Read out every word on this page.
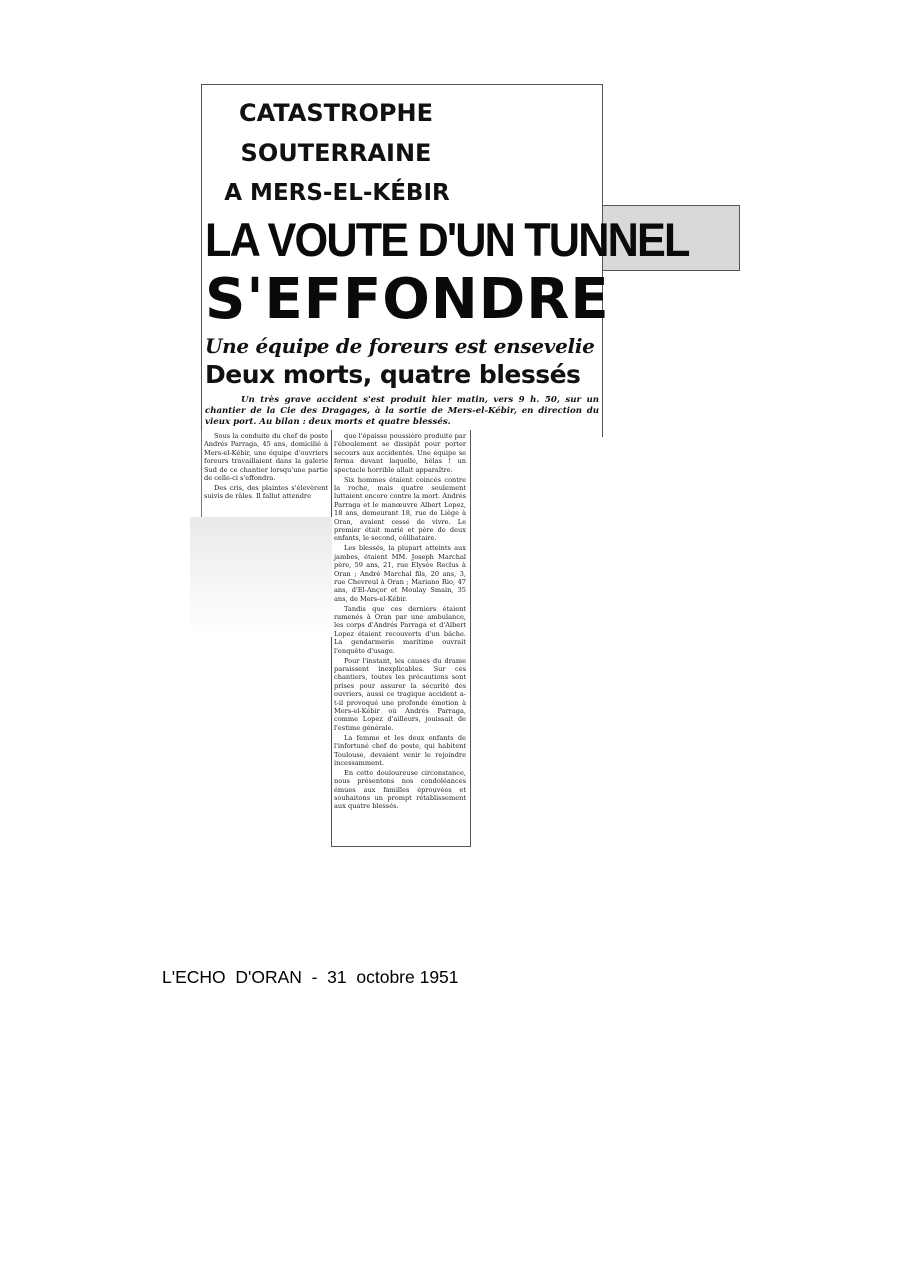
CATASTROPHE
SOUTERRAINE
A MERS-EL-KÉBIR
LA VOUTE D'UN TUNNEL
S'EFFONDRE
Une équipe de foreurs est ensevelie
Deux morts, quatre blessés

Un très grave accident s'est produit hier matin, vers 9 h. 50, sur un chantier de la Cie des Dragages, à la sortie de Mers-el-Kébir, en direction du vieux port. Au bilan : deux morts et quatre blessés.

Sous la conduite du chef de poste Andrés Parraga, 45 ans, domicilié à Mers-el-Kébir, une équipe d'ouvriers foreurs travaillaient dans la galerie Sud de ce chantier lorsqu'une partie de celle-ci s'effondra.

Des cris, des plaintes s'élevèrent suivis de râles. Il fallut attendre

que l'épaisse poussière produite par l'éboulement se dissipât pour porter secours aux accidentés. Une équipe se forma devant laquelle, hélas ! un spectacle horrible allait apparaître.

Six hommes étaient coincés contre la roche, mais quatre seulement luttaient encore contre la mort. Andrés Parraga et le manœuvre Albert Lopez, 18 ans, demeurant 18, rue de Liège à Oran, avaient cessé de vivre. Le premier était marié et père de deux enfants, le second, célibataire.

Les blessés, la plupart atteints aux jambes, étaient MM. Joseph Marchal père, 59 ans, 21, rue Elysée Reclus à Oran ; André Marchal fils, 20 ans, 3, rue Chevreul à Oran ; Mariano Rio, 47 ans, d'El-Ançor et Moulay Smain, 35 ans, de Mers-el-Kébir.

Tandis que ces derniers étaient ramenés à Oran par une ambulance, les corps d'Andrés Parraga et d'Albert Lopez étaient recouverts d'un bâche. La gendarmerie maritime ouvrait l'enquête d'usage.

Pour l'instant, les causes du drame paraissent inexplicables. Sur ces chantiers, toutes les précautions sont prises pour assurer la sécurité des ouvriers, aussi ce tragique accident a-t-il provoqué une profonde émotion à Mers-el-Kébir où Andrés Parraga, comme Lopez d'ailleurs, jouissait de l'estime générale.

La femme et les deux enfants de l'infortuné chef de poste, qui habitent Toulouse, devaient venir le rejoindre incessamment.

En cette douloureuse circonstance, nous présentons nos condoléances émues aux familles éprouvées et souhaitons un prompt rétablissement aux quatre blessés.

L'ECHO  D'ORAN  -  31  octobre 1951
